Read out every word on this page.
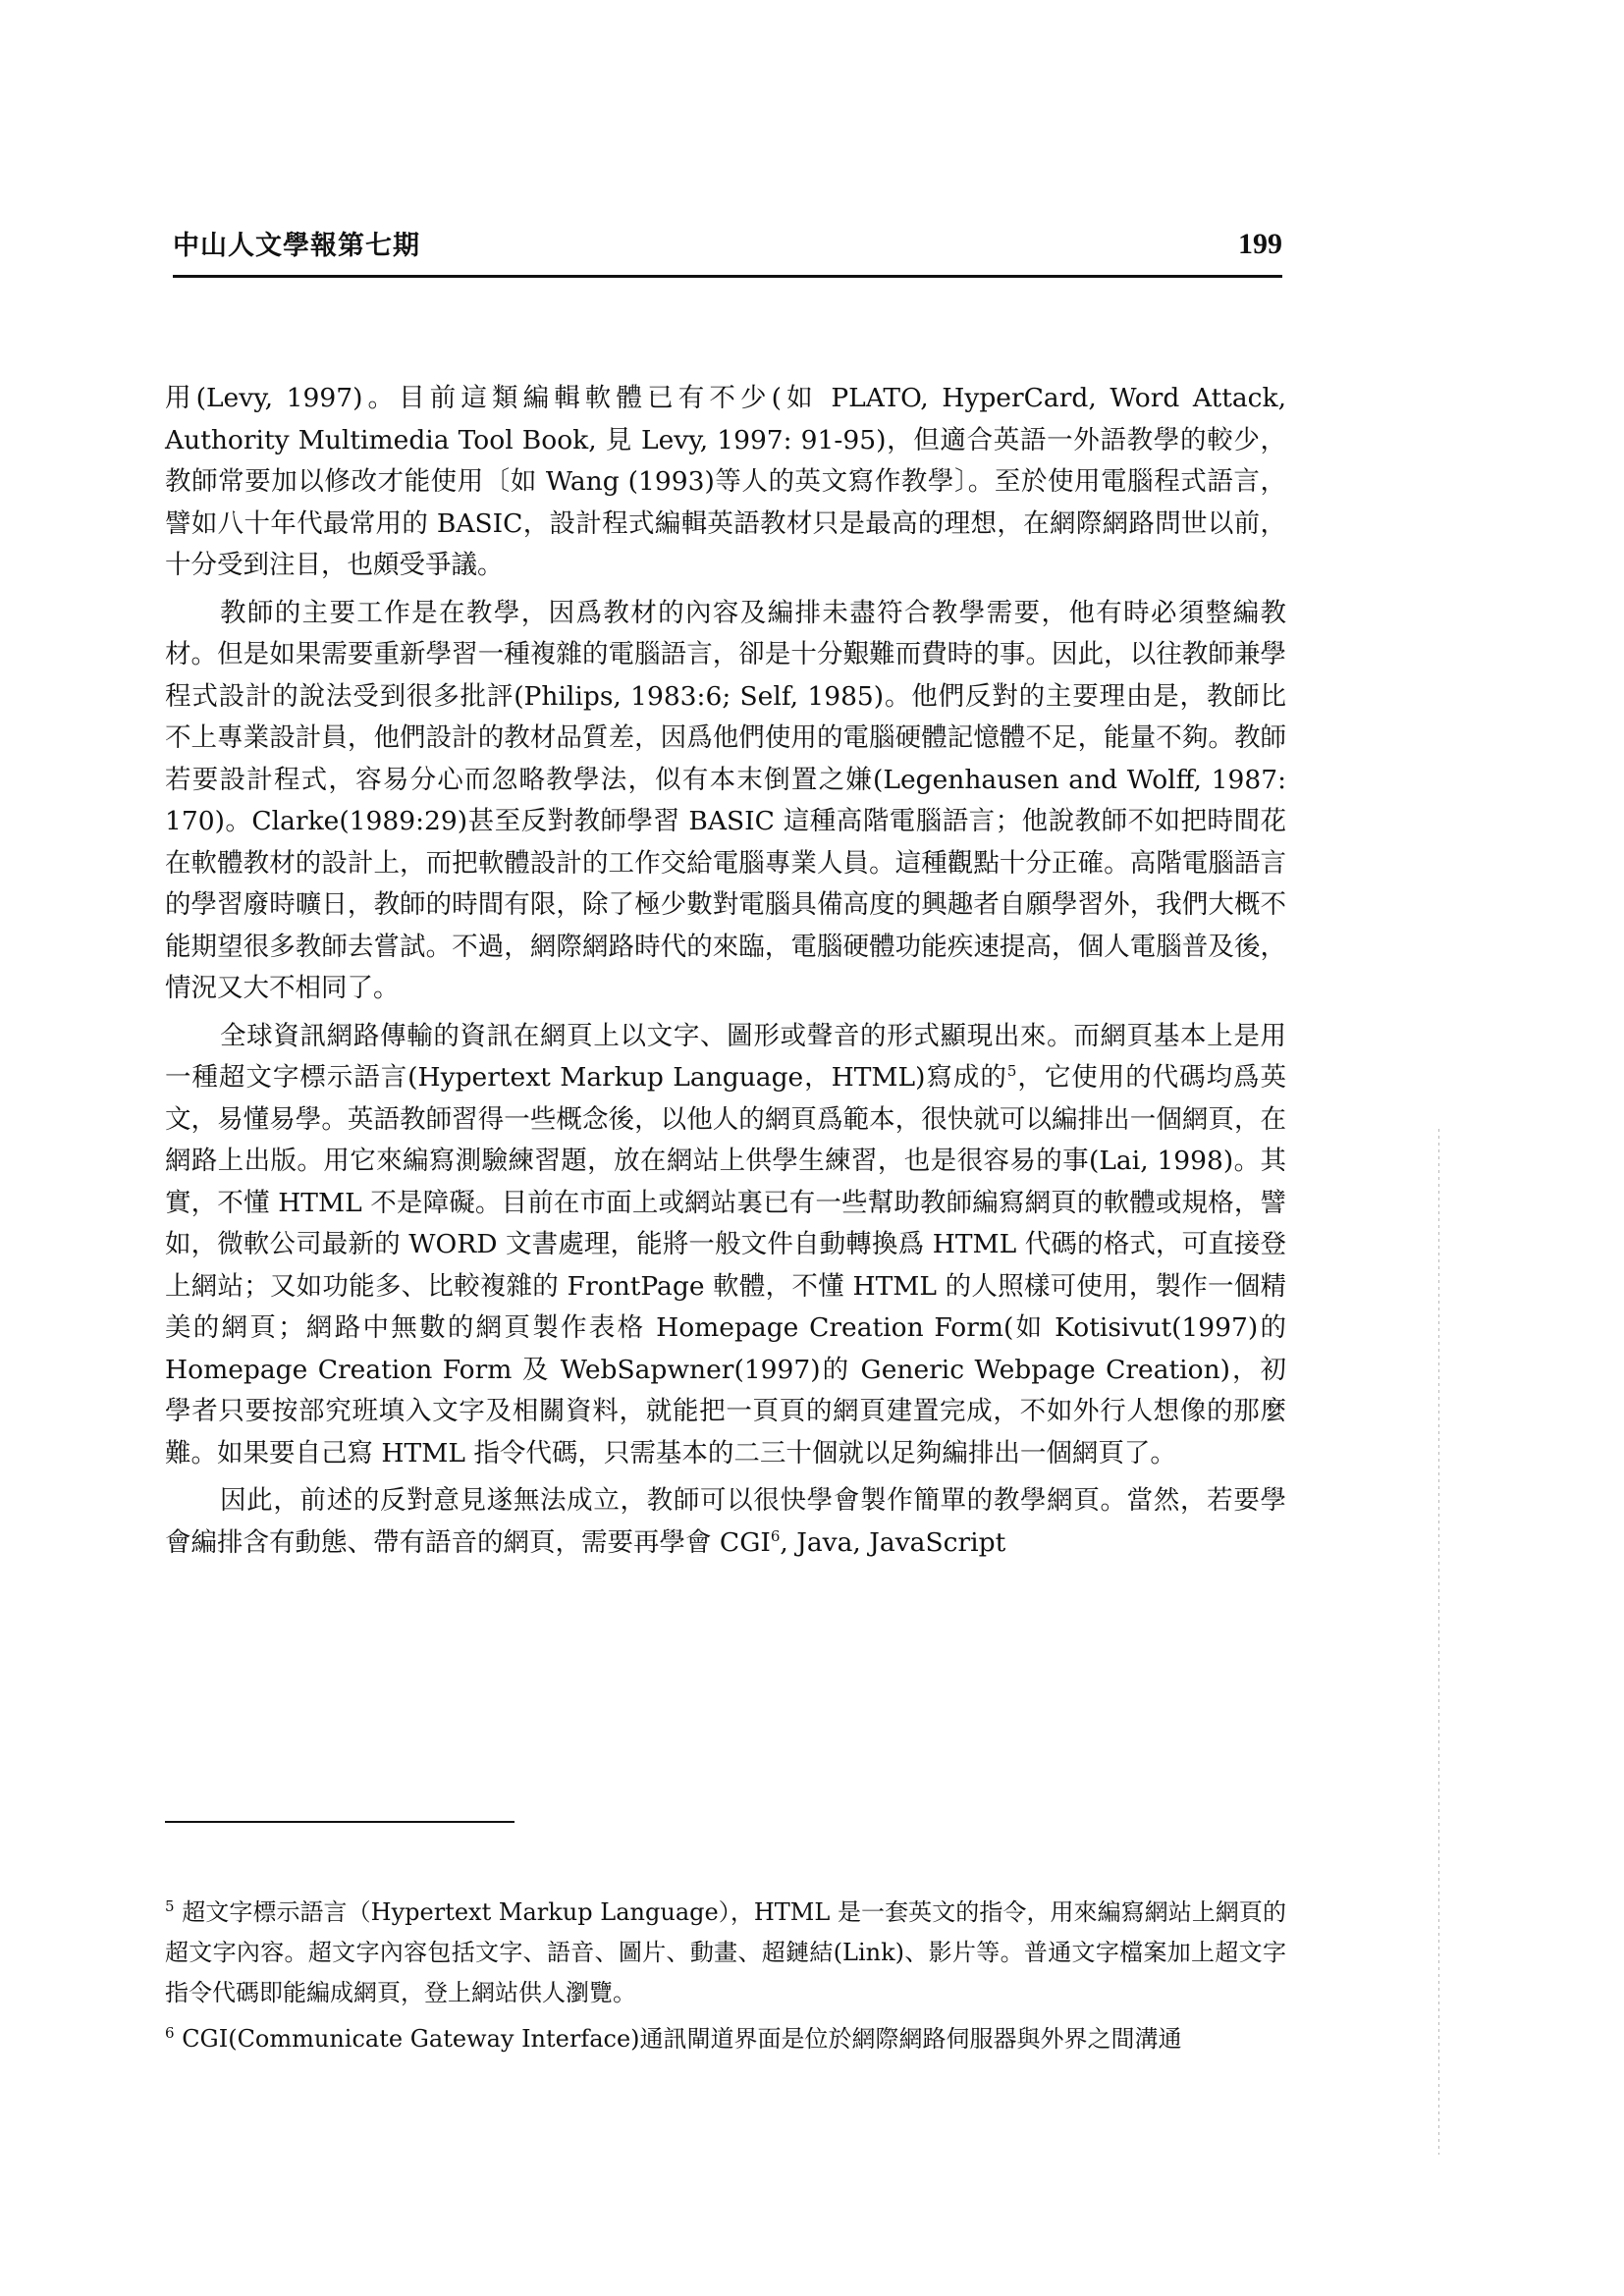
中山人文學報第七期	199

用(Levy, 1997)。目前這類編輯軟體已有不少(如 PLATO, HyperCard, Word Attack, Authority Multimedia Tool Book, 見 Levy, 1997: 91-95)，但適合英語一外語教學的較少，教師常要加以修改才能使用〔如 Wang (1993)等人的英文寫作教學〕。至於使用電腦程式語言，譬如八十年代最常用的 BASIC，設計程式編輯英語教材只是最高的理想，在網際網路問世以前，十分受到注目，也頗受爭議。

教師的主要工作是在教學，因爲教材的內容及編排未盡符合教學需要，他有時必須整編教材。但是如果需要重新學習一種複雜的電腦語言，卻是十分艱難而費時的事。因此，以往教師兼學程式設計的說法受到很多批評(Philips, 1983:6; Self, 1985)。他們反對的主要理由是，教師比不上專業設計員，他們設計的教材品質差，因爲他們使用的電腦硬體記憶體不足，能量不夠。教師若要設計程式，容易分心而忽略教學法，似有本末倒置之嫌(Legenhausen and Wolff, 1987: 170)。Clarke(1989:29)甚至反對教師學習 BASIC 這種高階電腦語言；他說教師不如把時間花在軟體教材的設計上，而把軟體設計的工作交給電腦專業人員。這種觀點十分正確。高階電腦語言的學習廢時曠日，教師的時間有限，除了極少數對電腦具備高度的興趣者自願學習外，我們大概不能期望很多教師去嘗試。不過，網際網路時代的來臨，電腦硬體功能疾速提高，個人電腦普及後，情況又大不相同了。

全球資訊網路傳輸的資訊在網頁上以文字、圖形或聲音的形式顯現出來。而網頁基本上是用一種超文字標示語言(Hypertext Markup Language，HTML)寫成的$^5$，它使用的代碼均爲英文，易懂易學。英語教師習得一些概念後，以他人的網頁爲範本，很快就可以編排出一個網頁，在網路上出版。用它來編寫測驗練習題，放在網站上供學生練習，也是很容易的事(Lai, 1998)。其實，不懂 HTML 不是障礙。目前在市面上或網站裏已有一些幫助教師編寫網頁的軟體或規格，譬如，微軟公司最新的 WORD 文書處理，能將一般文件自動轉換爲 HTML 代碼的格式，可直接登上網站；又如功能多、比較複雜的 FrontPage 軟體，不懂 HTML 的人照樣可使用，製作一個精美的網頁；網路中無數的網頁製作表格 Homepage Creation Form(如 Kotisivut(1997)的 Homepage Creation Form 及 WebSapwner(1997)的 Generic Webpage Creation)，初學者只要按部究班填入文字及相關資料，就能把一頁頁的網頁建置完成，不如外行人想像的那麼難。如果要自己寫 HTML 指令代碼，只需基本的二三十個就以足夠編排出一個網頁了。

因此，前述的反對意見遂無法成立，教師可以很快學會製作簡單的教學網頁。當然，若要學會編排含有動態、帶有語音的網頁，需要再學會 CGI$^6$, Java, JavaScript

$^5$ 超文字標示語言（Hypertext Markup Language），HTML 是一套英文的指令，用來編寫網站上網頁的超文字內容。超文字內容包括文字、語音、圖片、動畫、超鏈結(Link)、影片等。普通文字檔案加上超文字指令代碼即能編成網頁，登上網站供人瀏覽。

$^6$ CGI(Communicate Gateway Interface)通訊閘道界面是位於網際網路伺服器與外界之間溝通
